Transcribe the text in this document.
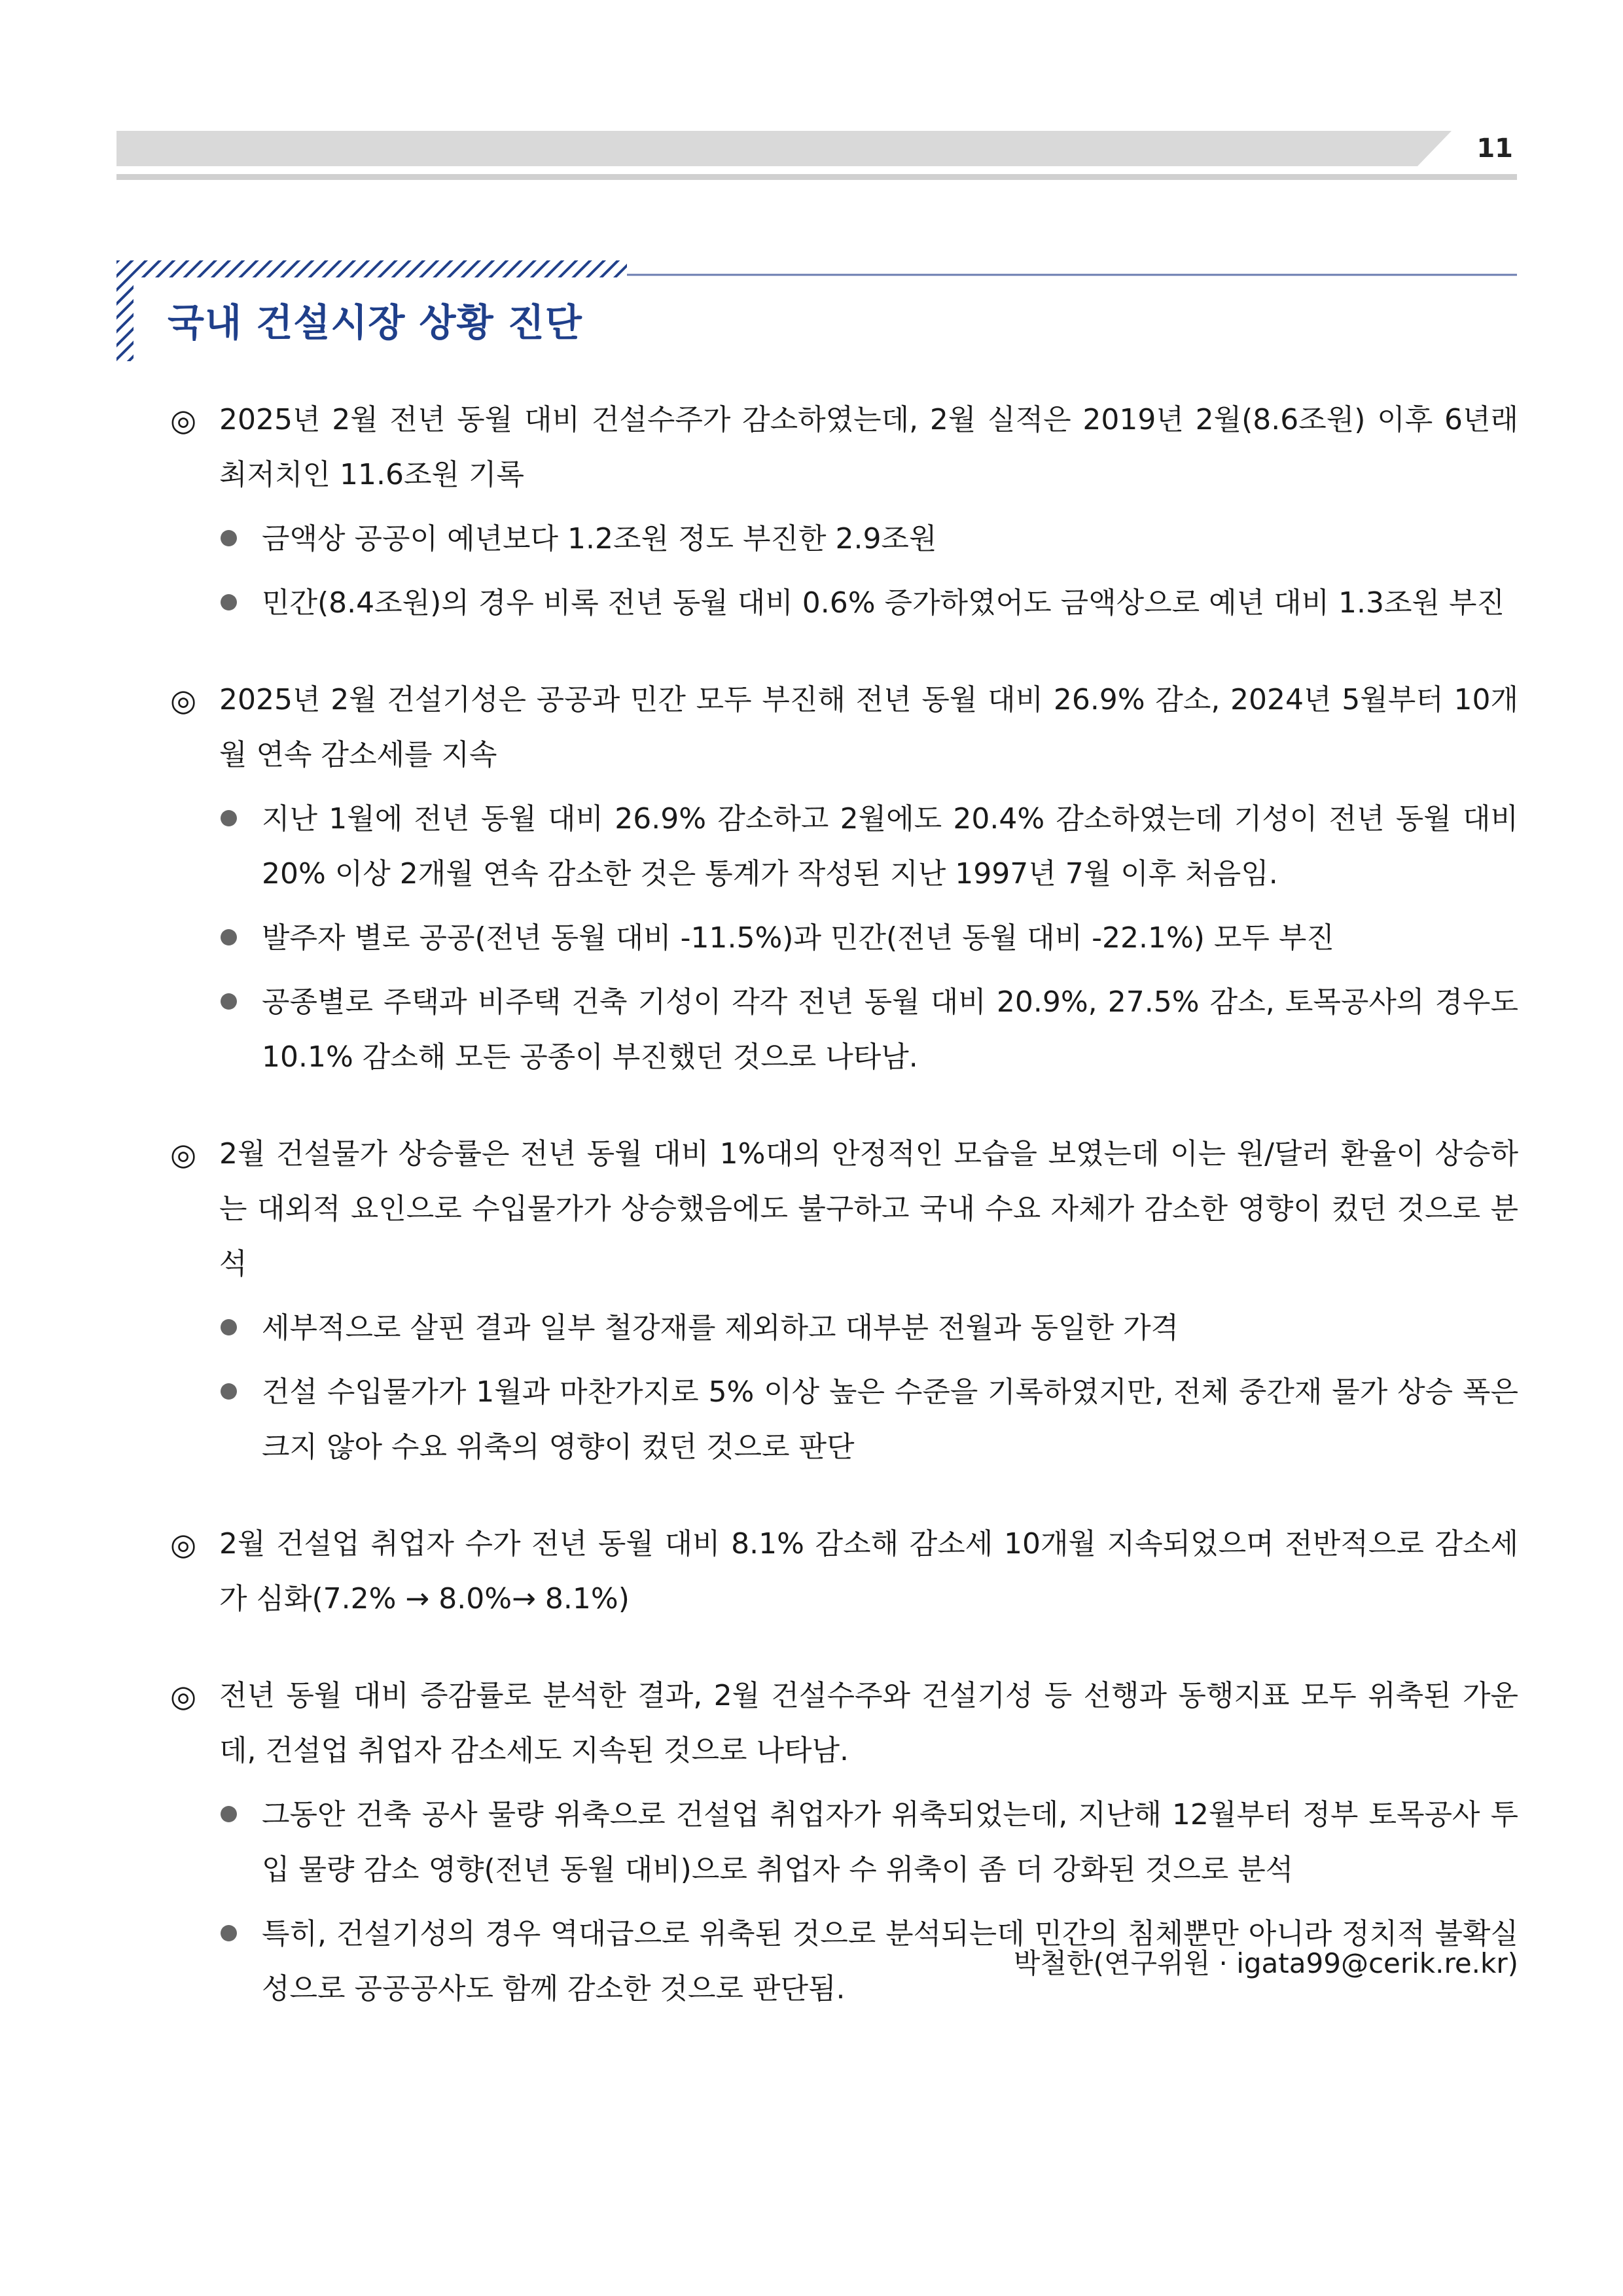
11
국내 건설시장 상황 진단

◎ 2025년 2월 전년 동월 대비 건설수주가 감소하였는데, 2월 실적은 2019년 2월(8.6조원) 이후 6년래 최저치인 11.6조원 기록

금액상 공공이 예년보다 1.2조원 정도 부진한 2.9조원

민간(8.4조원)의 경우 비록 전년 동월 대비 0.6% 증가하였어도 금액상으로 예년 대비 1.3조원 부진

◎ 2025년 2월 건설기성은 공공과 민간 모두 부진해 전년 동월 대비 26.9% 감소, 2024년 5월부터 10개월 연속 감소세를 지속

지난 1월에 전년 동월 대비 26.9% 감소하고 2월에도 20.4% 감소하였는데 기성이 전년 동월 대비 20% 이상 2개월 연속 감소한 것은 통계가 작성된 지난 1997년 7월 이후 처음임.

발주자 별로 공공(전년 동월 대비 -11.5%)과 민간(전년 동월 대비 -22.1%) 모두 부진

공종별로 주택과 비주택 건축 기성이 각각 전년 동월 대비 20.9%, 27.5% 감소, 토목공사의 경우도 10.1% 감소해 모든 공종이 부진했던 것으로 나타남.

◎ 2월 건설물가 상승률은 전년 동월 대비 1%대의 안정적인 모습을 보였는데 이는 원/달러 환율이 상승하는 대외적 요인으로 수입물가가 상승했음에도 불구하고 국내 수요 자체가 감소한 영향이 컸던 것으로 분석

세부적으로 살핀 결과 일부 철강재를 제외하고 대부분 전월과 동일한 가격

건설 수입물가가 1월과 마찬가지로 5% 이상 높은 수준을 기록하였지만, 전체 중간재 물가 상승 폭은 크지 않아 수요 위축의 영향이 컸던 것으로 판단

◎ 2월 건설업 취업자 수가 전년 동월 대비 8.1% 감소해 감소세 10개월 지속되었으며 전반적으로 감소세가 심화(7.2% → 8.0%→ 8.1%)

◎ 전년 동월 대비 증감률로 분석한 결과, 2월 건설수주와 건설기성 등 선행과 동행지표 모두 위축된 가운데, 건설업 취업자 감소세도 지속된 것으로 나타남.

그동안 건축 공사 물량 위축으로 건설업 취업자가 위축되었는데, 지난해 12월부터 정부 토목공사 투입 물량 감소 영향(전년 동월 대비)으로 취업자 수 위축이 좀 더 강화된 것으로 분석

특히, 건설기성의 경우 역대급으로 위축된 것으로 분석되는데 민간의 침체뿐만 아니라 정치적 불확실성으로 공공공사도 함께 감소한 것으로 판단됨.

박철한(연구위원 · igata99@cerik.re.kr)
